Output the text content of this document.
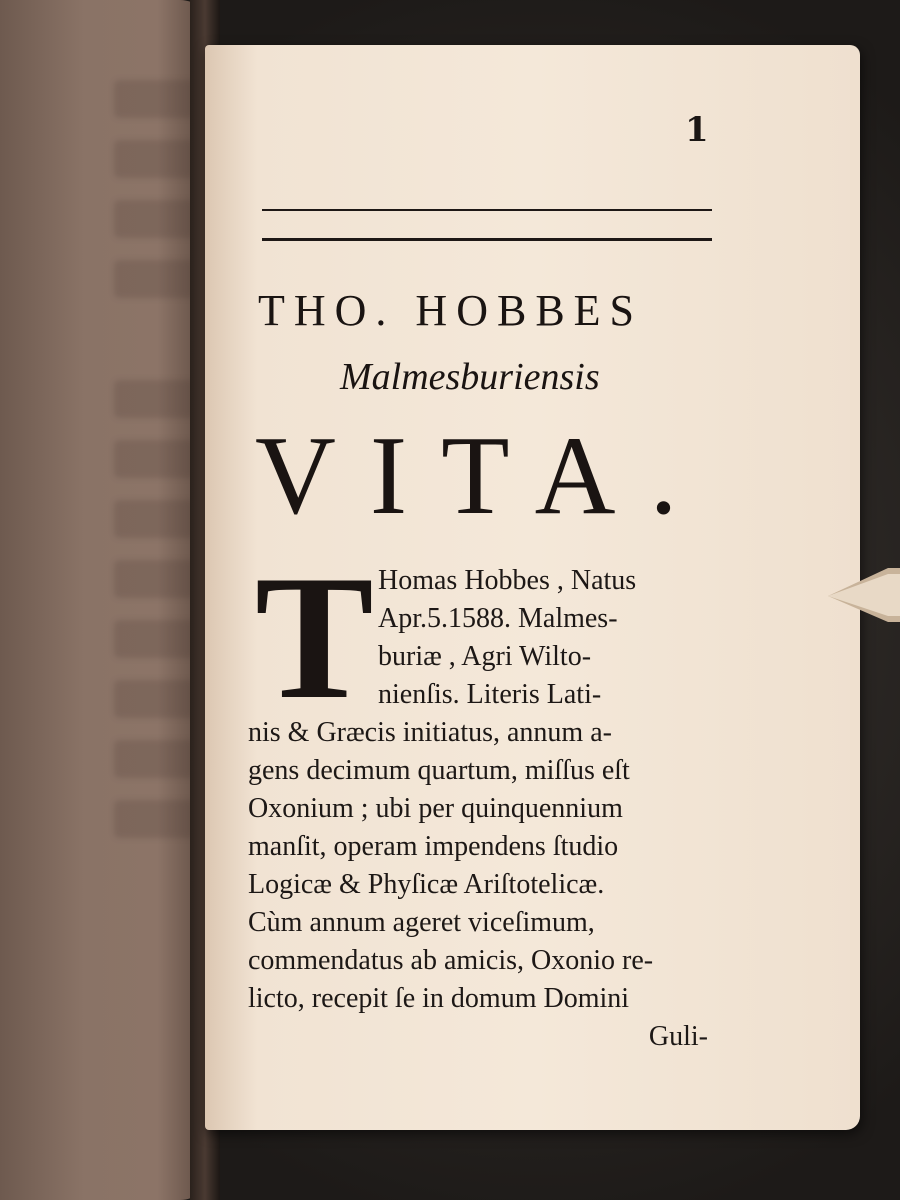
1
THO. HOBBES
Malmesburiensis
VITA.
T Homas Hobbes , Natus
Apr.5.1588. Malmes-
buriæ , Agri Wilto-
nienſis. Literis Lati-
nis & Græcis initiatus, annum a-
gens decimum quartum, miſſus eſt
Oxonium ; ubi per quinquennium
manſit, operam impendens ſtudio
Logicæ & Phyſicæ Ariſtotelicæ.
Cùm annum ageret viceſimum,
commendatus ab amicis, Oxonio re-
licto, recepit ſe in domum Domini
Guli-
